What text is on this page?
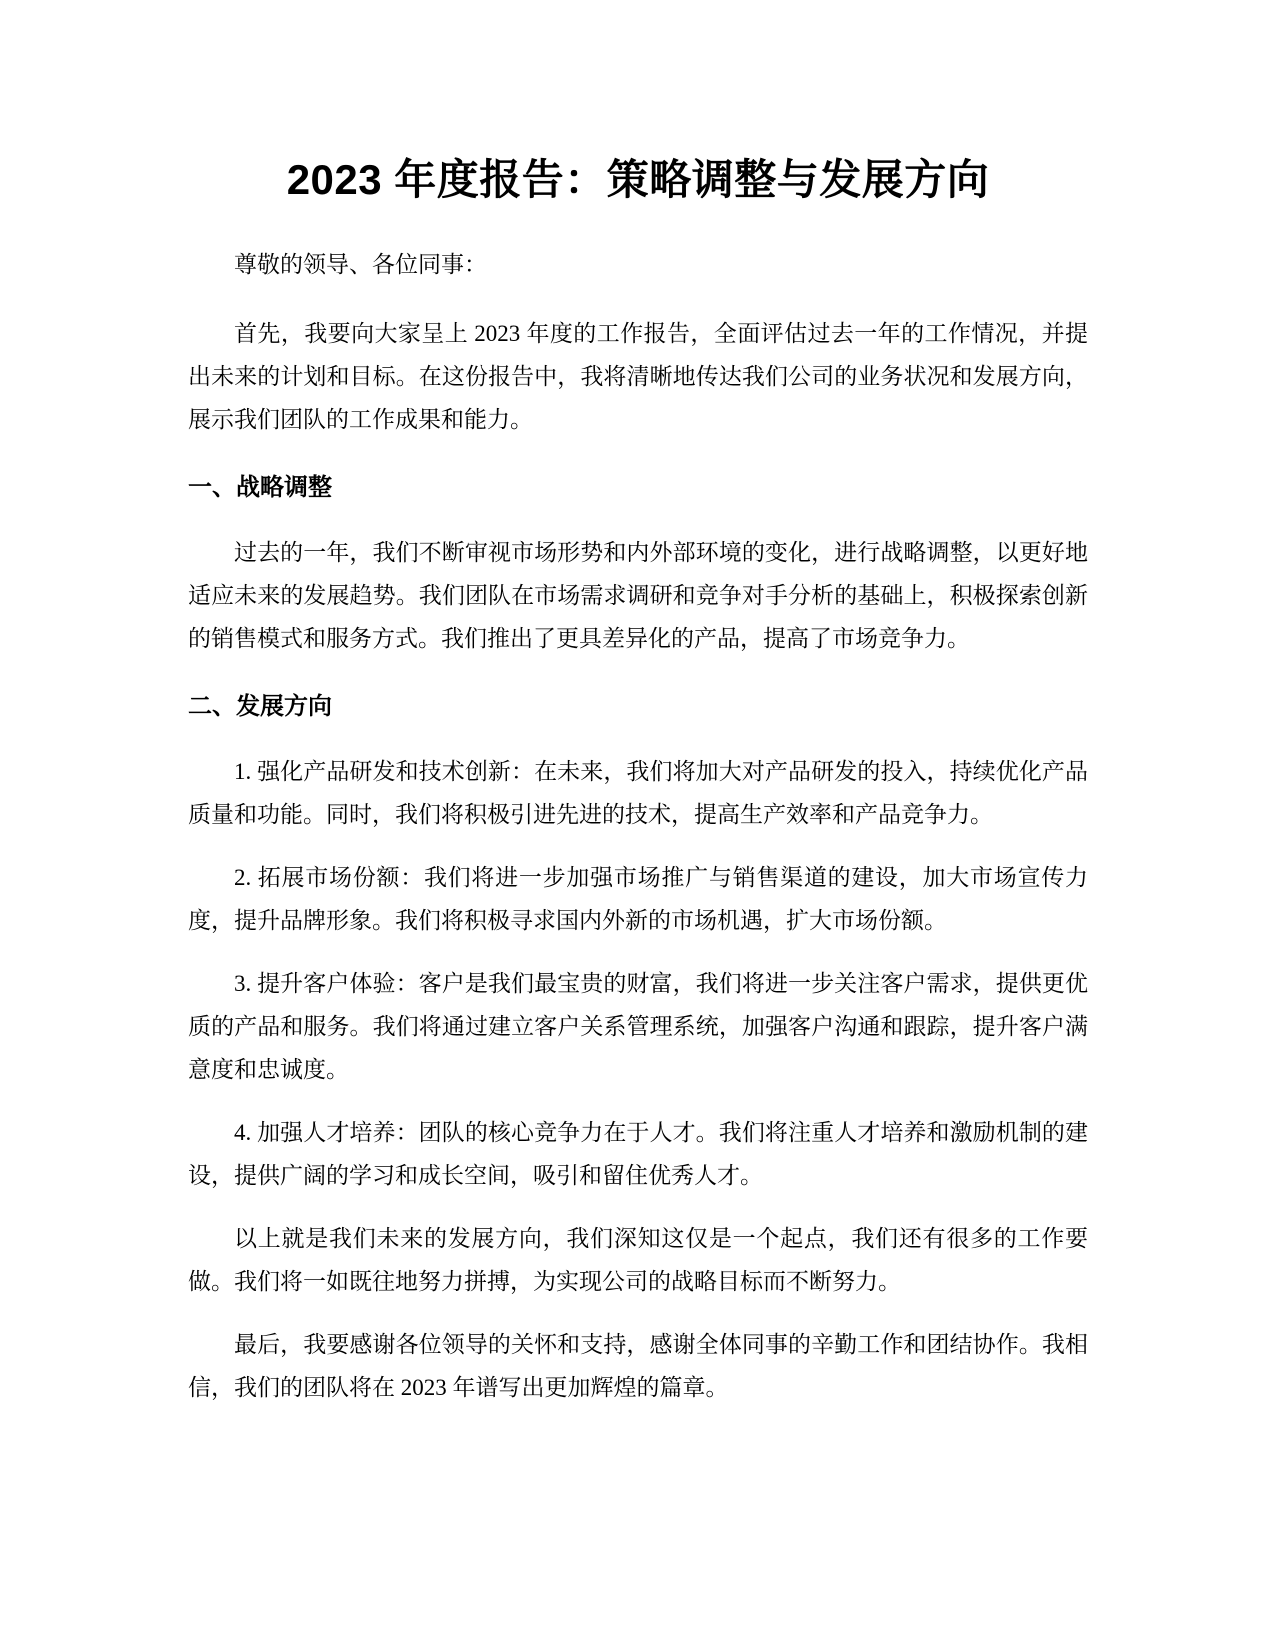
2023 年度报告：策略调整与发展方向

尊敬的领导、各位同事：

首先，我要向大家呈上 2023 年度的工作报告，全面评估过去一年的工作情况，并提出未来的计划和目标。在这份报告中，我将清晰地传达我们公司的业务状况和发展方向，展示我们团队的工作成果和能力。

一、战略调整

过去的一年，我们不断审视市场形势和内外部环境的变化，进行战略调整，以更好地适应未来的发展趋势。我们团队在市场需求调研和竞争对手分析的基础上，积极探索创新的销售模式和服务方式。我们推出了更具差异化的产品，提高了市场竞争力。

二、发展方向

1. 强化产品研发和技术创新：在未来，我们将加大对产品研发的投入，持续优化产品质量和功能。同时，我们将积极引进先进的技术，提高生产效率和产品竞争力。

2. 拓展市场份额：我们将进一步加强市场推广与销售渠道的建设，加大市场宣传力度，提升品牌形象。我们将积极寻求国内外新的市场机遇，扩大市场份额。

3. 提升客户体验：客户是我们最宝贵的财富，我们将进一步关注客户需求，提供更优质的产品和服务。我们将通过建立客户关系管理系统，加强客户沟通和跟踪，提升客户满意度和忠诚度。

4. 加强人才培养：团队的核心竞争力在于人才。我们将注重人才培养和激励机制的建设，提供广阔的学习和成长空间，吸引和留住优秀人才。

以上就是我们未来的发展方向，我们深知这仅是一个起点，我们还有很多的工作要做。我们将一如既往地努力拼搏，为实现公司的战略目标而不断努力。

最后，我要感谢各位领导的关怀和支持，感谢全体同事的辛勤工作和团结协作。我相信，我们的团队将在 2023 年谱写出更加辉煌的篇章。
